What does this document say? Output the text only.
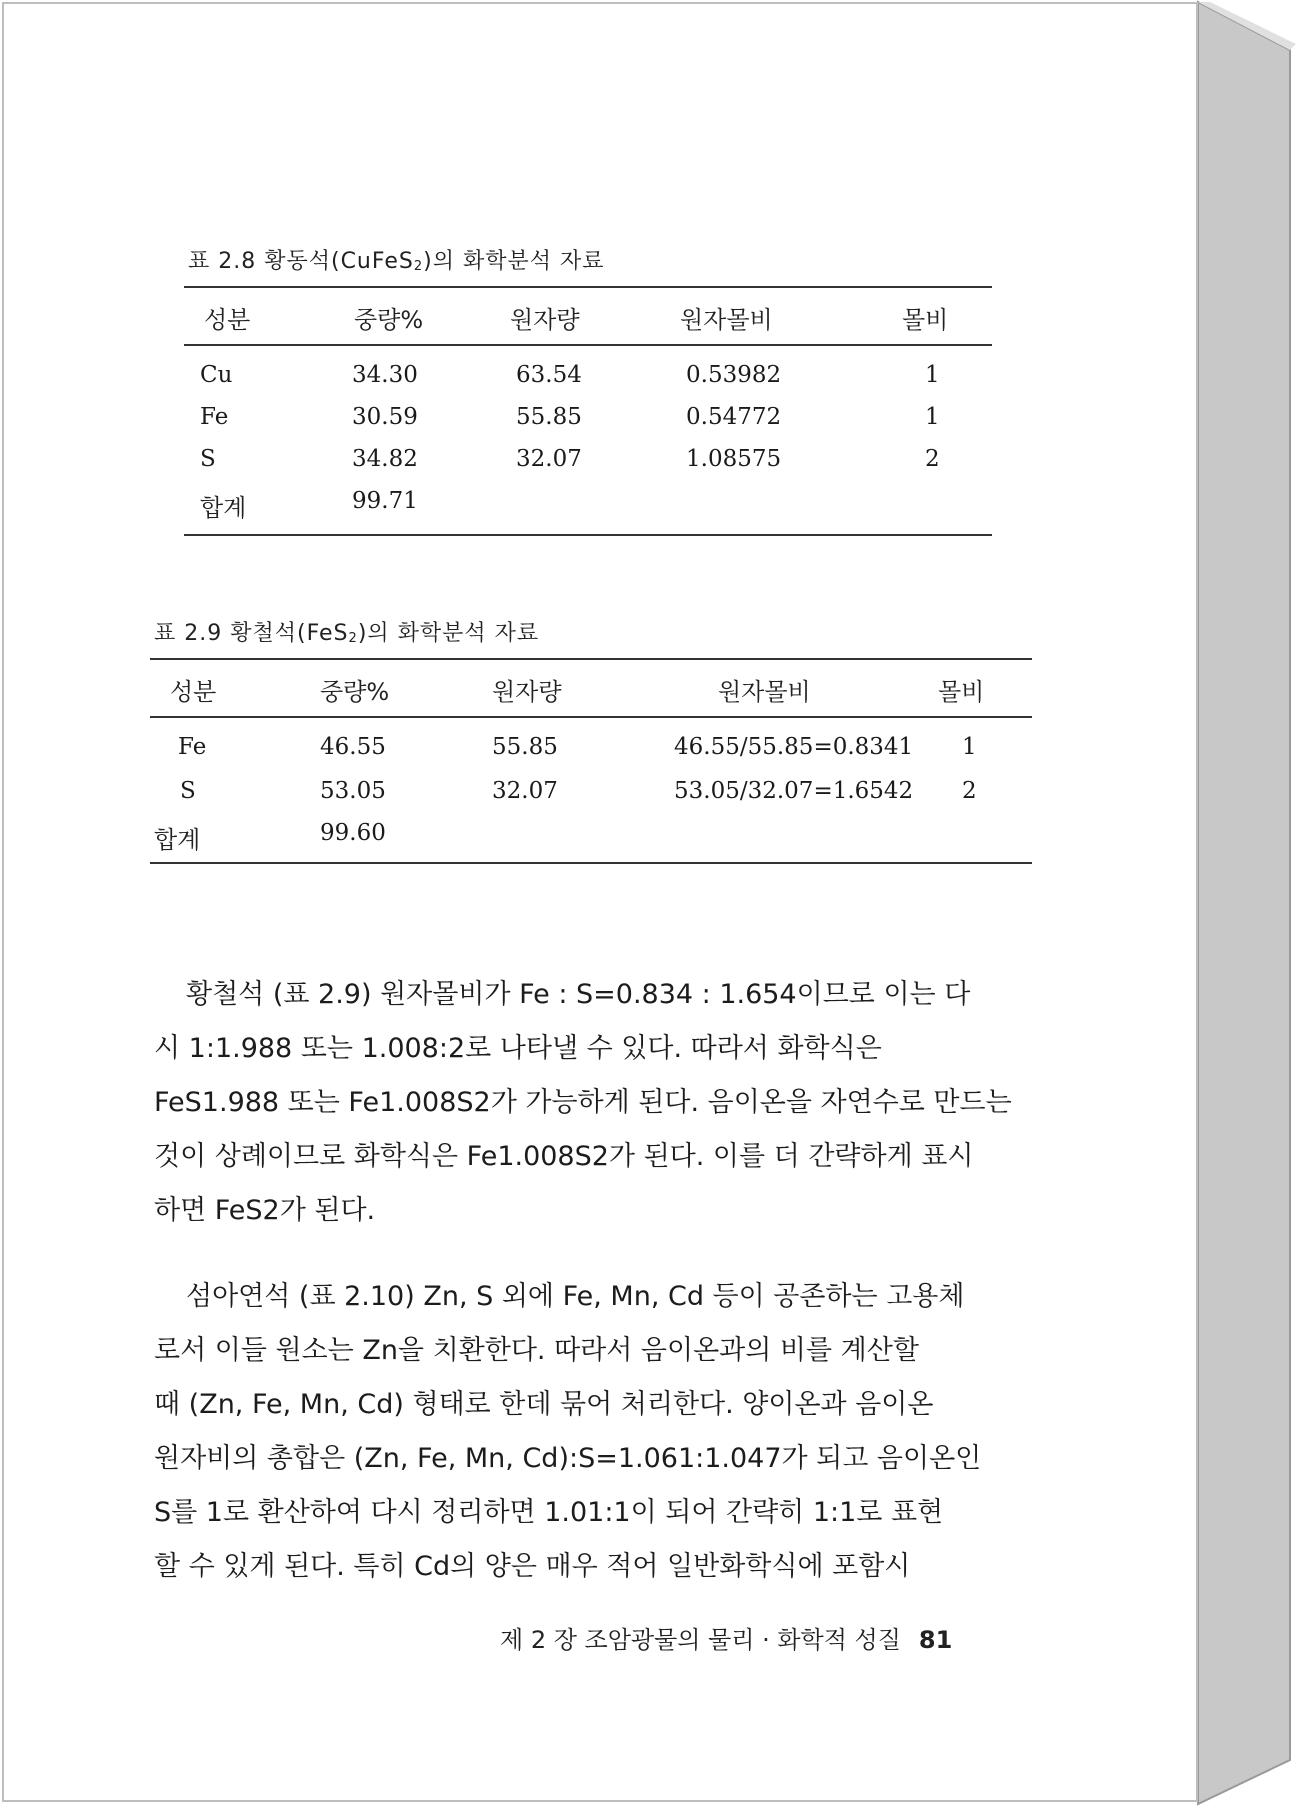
표 2.8 황동석(CuFeS2)의 화학분석 자료
성분	중량%	원자량	원자몰비	몰비
Cu	34.30	63.54	0.53982	1
Fe	30.59	55.85	0.54772	1
S	34.82	32.07	1.08575	2
합계	99.71
표 2.9 황철석(FeS2)의 화학분석 자료
성분	중량%	원자량	원자몰비	몰비
Fe	46.55	55.85	46.55/55.85=0.8341 1
S	53.05	32.07	53.05/32.07=1.6542 2
합계	99.60
황철석 (표 2.9) 원자몰비가 Fe : S=0.834 : 1.654이므로 이는 다
시 1:1.988 또는 1.008:2로 나타낼 수 있다. 따라서 화학식은
FeS1.988 또는 Fe1.008S2가 가능하게 된다. 음이온을 자연수로 만드는
것이 상례이므로 화학식은 Fe1.008S2가 된다. 이를 더 간략하게 표시
하면 FeS2가 된다.
섬아연석 (표 2.10) Zn, S 외에 Fe, Mn, Cd 등이 공존하는 고용체
로서 이들 원소는 Zn을 치환한다. 따라서 음이온과의 비를 계산할
때 (Zn, Fe, Mn, Cd) 형태로 한데 묶어 처리한다. 양이온과 음이온
원자비의 총합은 (Zn, Fe, Mn, Cd):S=1.061:1.047가 되고 음이온인
S를 1로 환산하여 다시 정리하면 1.01:1이 되어 간략히 1:1로 표현
할 수 있게 된다. 특히 Cd의 양은 매우 적어 일반화학식에 포함시
제 2 장 조암광물의 물리 · 화학적 성질 81
